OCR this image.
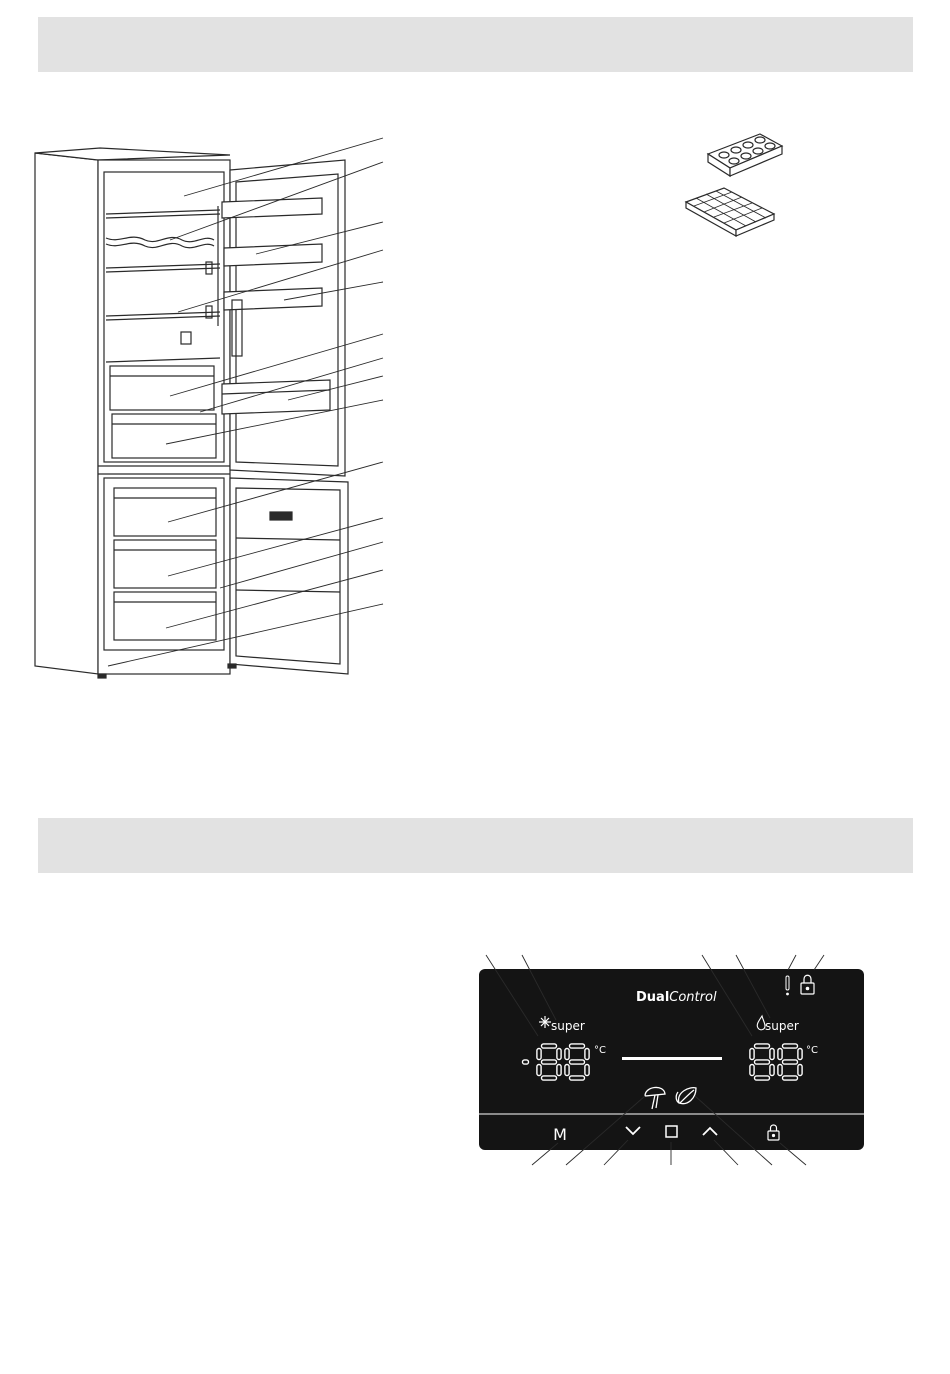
DualControl
super	super
°C	°C
M
